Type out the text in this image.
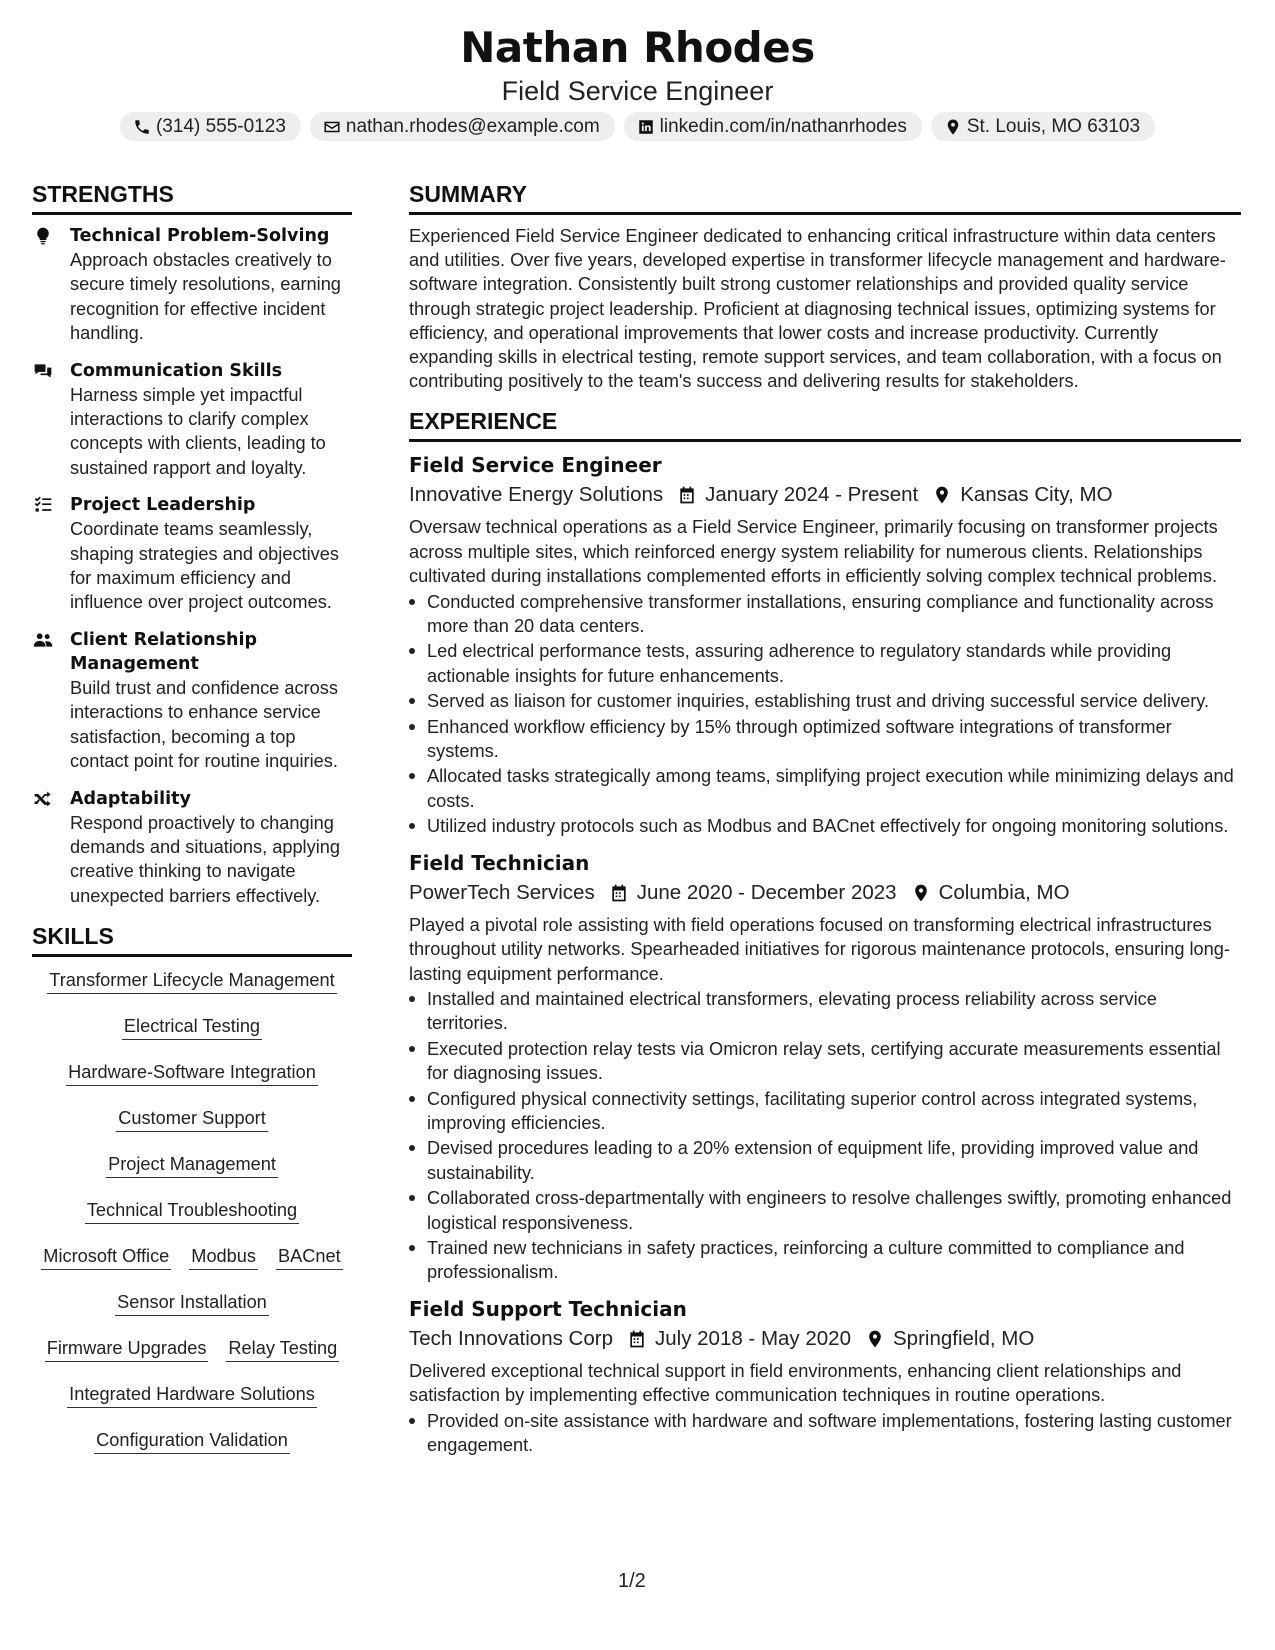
Nathan Rhodes
Field Service Engineer
(314) 555-0123	nathan.rhodes@example.com	linkedin.com/in/nathanrhodes	St. Louis, MO 63103
STRENGTHS
Technical Problem-Solving
Approach obstacles creatively to secure timely resolutions, earning recognition for effective incident handling.
Communication Skills
Harness simple yet impactful interactions to clarify complex concepts with clients, leading to sustained rapport and loyalty.
Project Leadership
Coordinate teams seamlessly, shaping strategies and objectives for maximum efficiency and influence over project outcomes.
Client Relationship Management
Build trust and confidence across interactions to enhance service satisfaction, becoming a top contact point for routine inquiries.
Adaptability
Respond proactively to changing demands and situations, applying creative thinking to navigate unexpected barriers effectively.
SKILLS
Transformer Lifecycle Management
Electrical Testing
Hardware-Software Integration
Customer Support
Project Management
Technical Troubleshooting
Microsoft Office Modbus BACnet
Sensor Installation
Firmware Upgrades Relay Testing
Integrated Hardware Solutions
Configuration Validation
SUMMARY
Experienced Field Service Engineer dedicated to enhancing critical infrastructure within data centers and utilities. Over five years, developed expertise in transformer lifecycle management and hardware-software integration. Consistently built strong customer relationships and provided quality service through strategic project leadership. Proficient at diagnosing technical issues, optimizing systems for efficiency, and operational improvements that lower costs and increase productivity. Currently expanding skills in electrical testing, remote support services, and team collaboration, with a focus on contributing positively to the team's success and delivering results for stakeholders.
EXPERIENCE
Field Service Engineer
Innovative Energy Solutions January 2024 - Present Kansas City, MO
Oversaw technical operations as a Field Service Engineer, primarily focusing on transformer projects across multiple sites, which reinforced energy system reliability for numerous clients. Relationships cultivated during installations complemented efforts in efficiently solving complex technical problems.
Conducted comprehensive transformer installations, ensuring compliance and functionality across more than 20 data centers.
Led electrical performance tests, assuring adherence to regulatory standards while providing actionable insights for future enhancements.
Served as liaison for customer inquiries, establishing trust and driving successful service delivery.
Enhanced workflow efficiency by 15% through optimized software integrations of transformer systems.
Allocated tasks strategically among teams, simplifying project execution while minimizing delays and costs.
Utilized industry protocols such as Modbus and BACnet effectively for ongoing monitoring solutions.
Field Technician
PowerTech Services June 2020 - December 2023 Columbia, MO
Played a pivotal role assisting with field operations focused on transforming electrical infrastructures throughout utility networks. Spearheaded initiatives for rigorous maintenance protocols, ensuring long-lasting equipment performance.
Installed and maintained electrical transformers, elevating process reliability across service territories.
Executed protection relay tests via Omicron relay sets, certifying accurate measurements essential for diagnosing issues.
Configured physical connectivity settings, facilitating superior control across integrated systems, improving efficiencies.
Devised procedures leading to a 20% extension of equipment life, providing improved value and sustainability.
Collaborated cross-departmentally with engineers to resolve challenges swiftly, promoting enhanced logistical responsiveness.
Trained new technicians in safety practices, reinforcing a culture committed to compliance and professionalism.
Field Support Technician
Tech Innovations Corp July 2018 - May 2020 Springfield, MO
Delivered exceptional technical support in field environments, enhancing client relationships and satisfaction by implementing effective communication techniques in routine operations.
Provided on-site assistance with hardware and software implementations, fostering lasting customer engagement.
1/2
